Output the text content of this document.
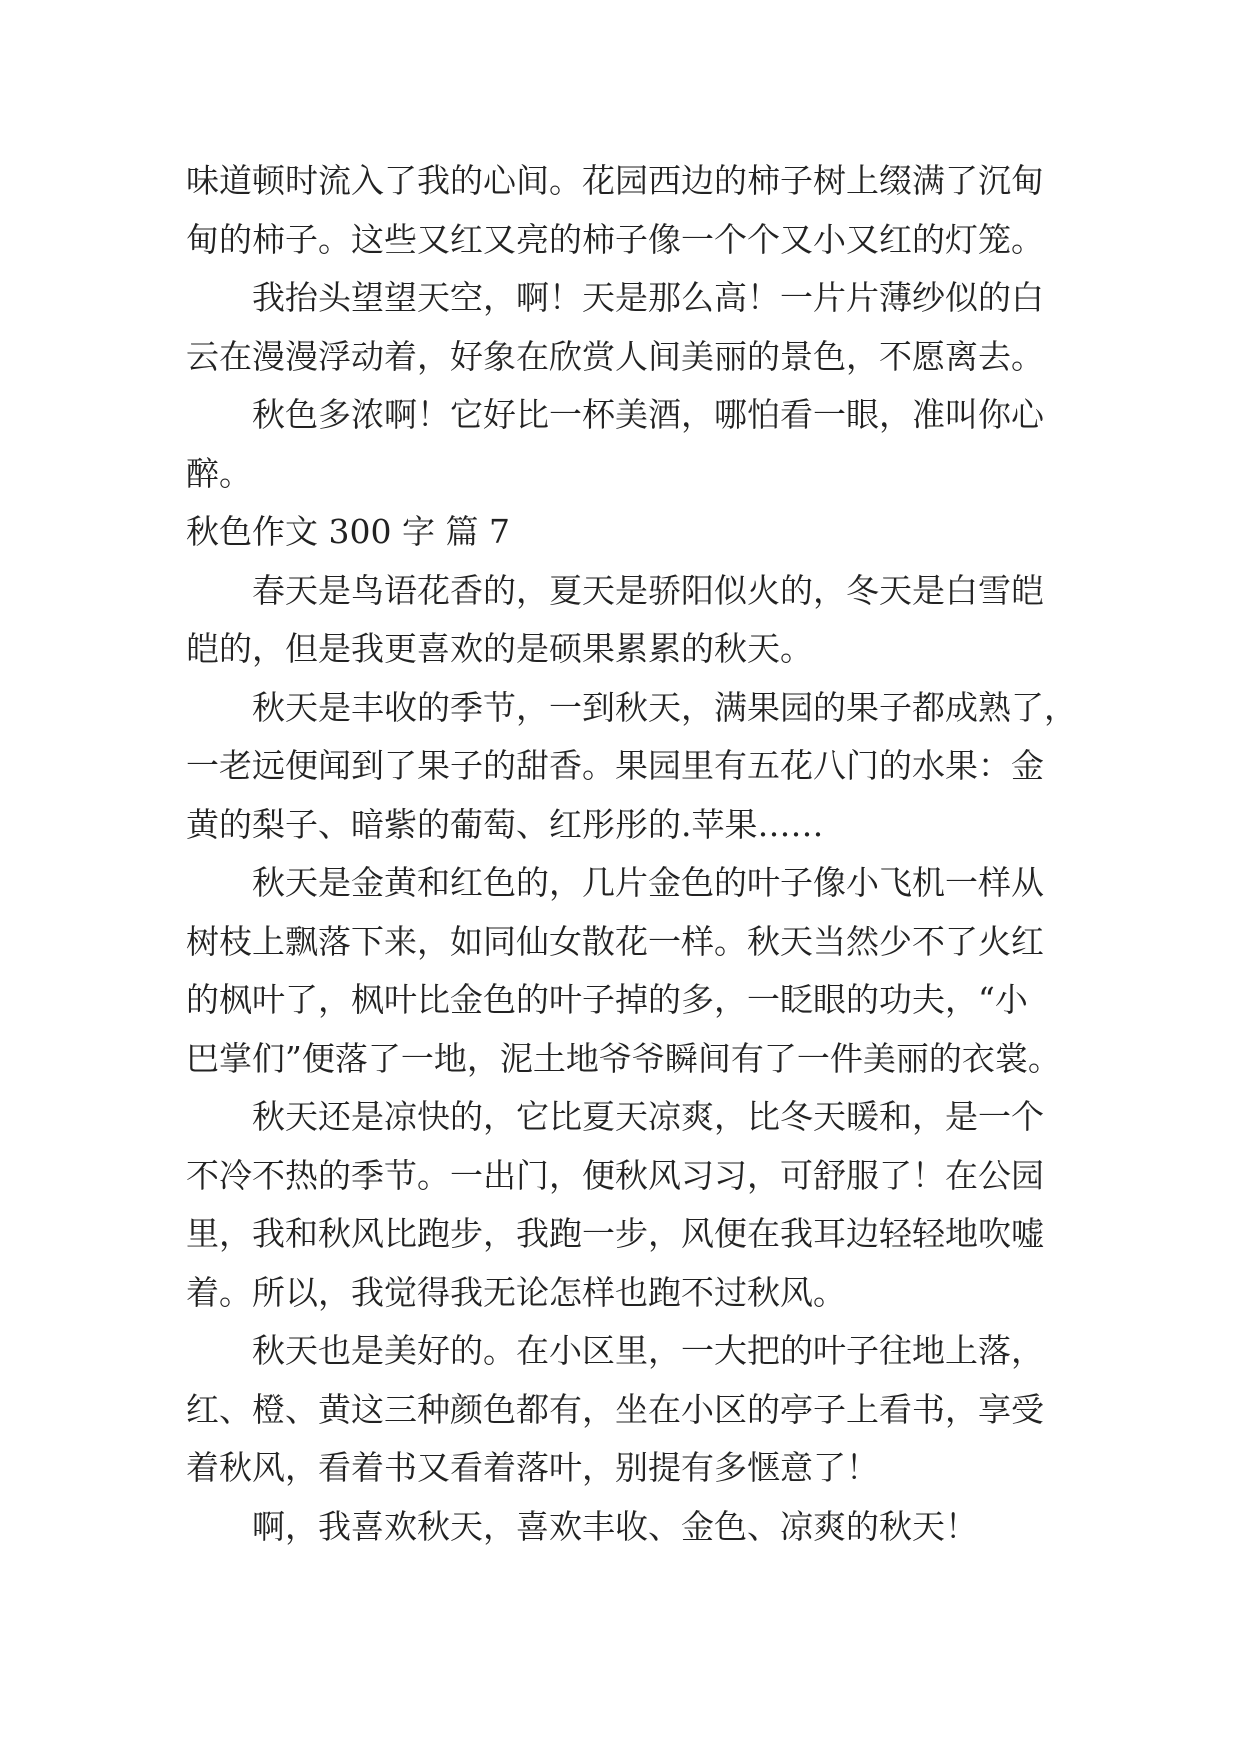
味道顿时流入了我的心间。花园西边的柿子树上缀满了沉甸
甸的柿子。这些又红又亮的柿子像一个个又小又红的灯笼。
我抬头望望天空，啊！天是那么高！一片片薄纱似的白
云在漫漫浮动着，好象在欣赏人间美丽的景色，不愿离去。
秋色多浓啊！它好比一杯美酒，哪怕看一眼，准叫你心
醉。
秋色作文 300 字 篇 7
春天是鸟语花香的，夏天是骄阳似火的，冬天是白雪皑
皑的，但是我更喜欢的是硕果累累的秋天。
秋天是丰收的季节，一到秋天，满果园的果子都成熟了，
一老远便闻到了果子的甜香。果园里有五花八门的水果：金
黄的梨子、暗紫的葡萄、红彤彤的.苹果……
秋天是金黄和红色的，几片金色的叶子像小飞机一样从
树枝上飘落下来，如同仙女散花一样。秋天当然少不了火红
的枫叶了，枫叶比金色的叶子掉的多，一眨眼的功夫，“小
巴掌们”便落了一地，泥土地爷爷瞬间有了一件美丽的衣裳。
秋天还是凉快的，它比夏天凉爽，比冬天暖和，是一个
不冷不热的季节。一出门，便秋风习习，可舒服了！在公园
里，我和秋风比跑步，我跑一步，风便在我耳边轻轻地吹嘘
着。所以，我觉得我无论怎样也跑不过秋风。
秋天也是美好的。在小区里，一大把的叶子往地上落，
红、橙、黄这三种颜色都有，坐在小区的亭子上看书，享受
着秋风，看着书又看着落叶，别提有多惬意了！
啊，我喜欢秋天，喜欢丰收、金色、凉爽的秋天！
